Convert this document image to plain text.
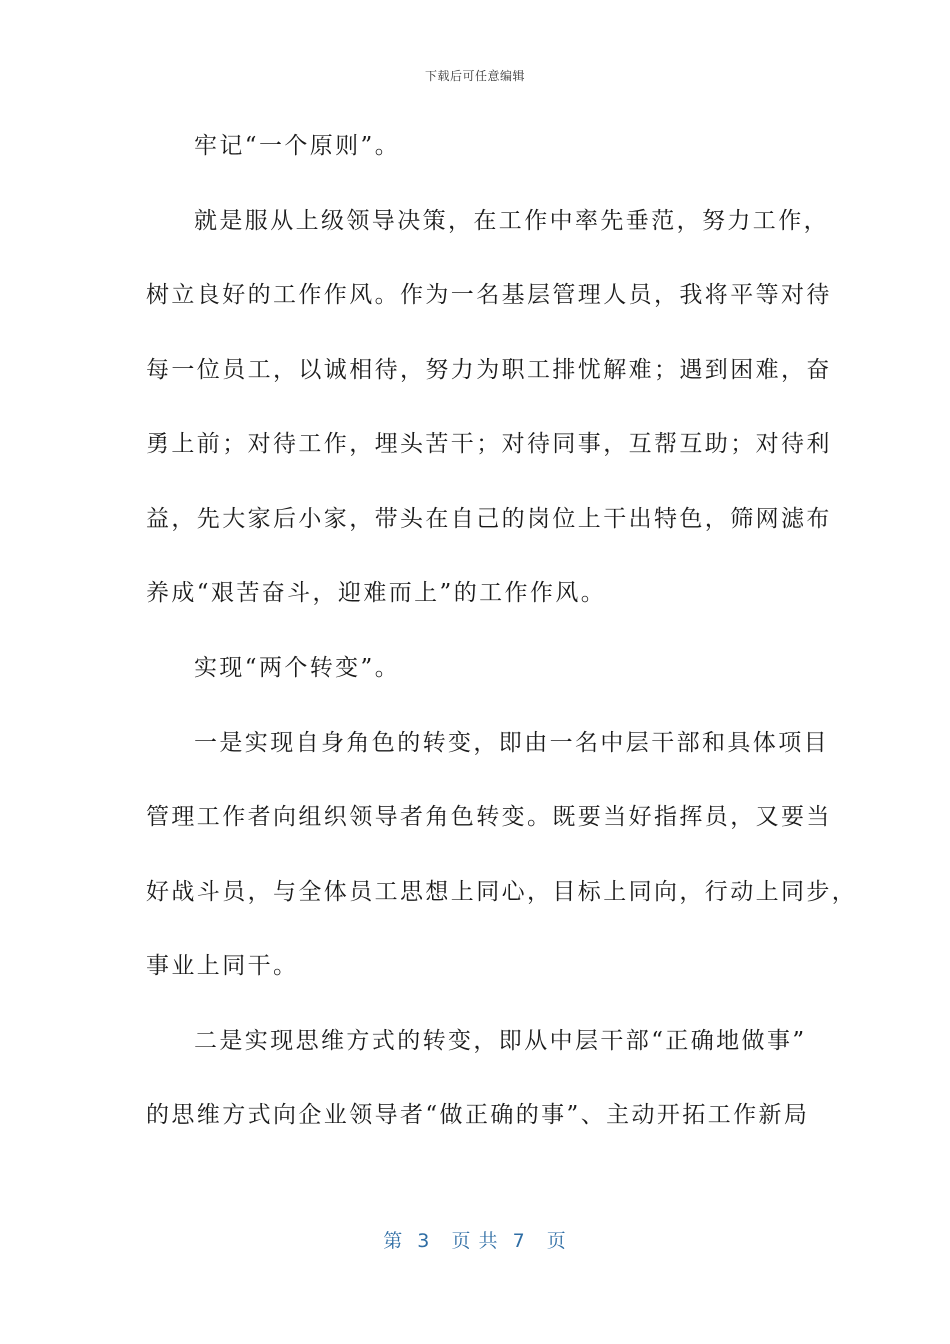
下载后可任意编辑
牢记“一个原则”。
就是服从上级领导决策，在工作中率先垂范，努力工作，
树立良好的工作作风。作为一名基层管理人员，我将平等对待
每一位员工，以诚相待，努力为职工排忧解难；遇到困难，奋
勇上前；对待工作，埋头苦干；对待同事，互帮互助；对待利
益，先大家后小家，带头在自己的岗位上干出特色，筛网滤布
养成“艰苦奋斗，迎难而上”的工作作风。
实现“两个转变”。
一是实现自身角色的转变，即由一名中层干部和具体项目
管理工作者向组织领导者角色转变。既要当好指挥员，又要当
好战斗员，与全体员工思想上同心，目标上同向，行动上同步，
事业上同干。
二是实现思维方式的转变，即从中层干部“正确地做事”
的思维方式向企业领导者“做正确的事”、主动开拓工作新局
第  3   页 共  7   页
